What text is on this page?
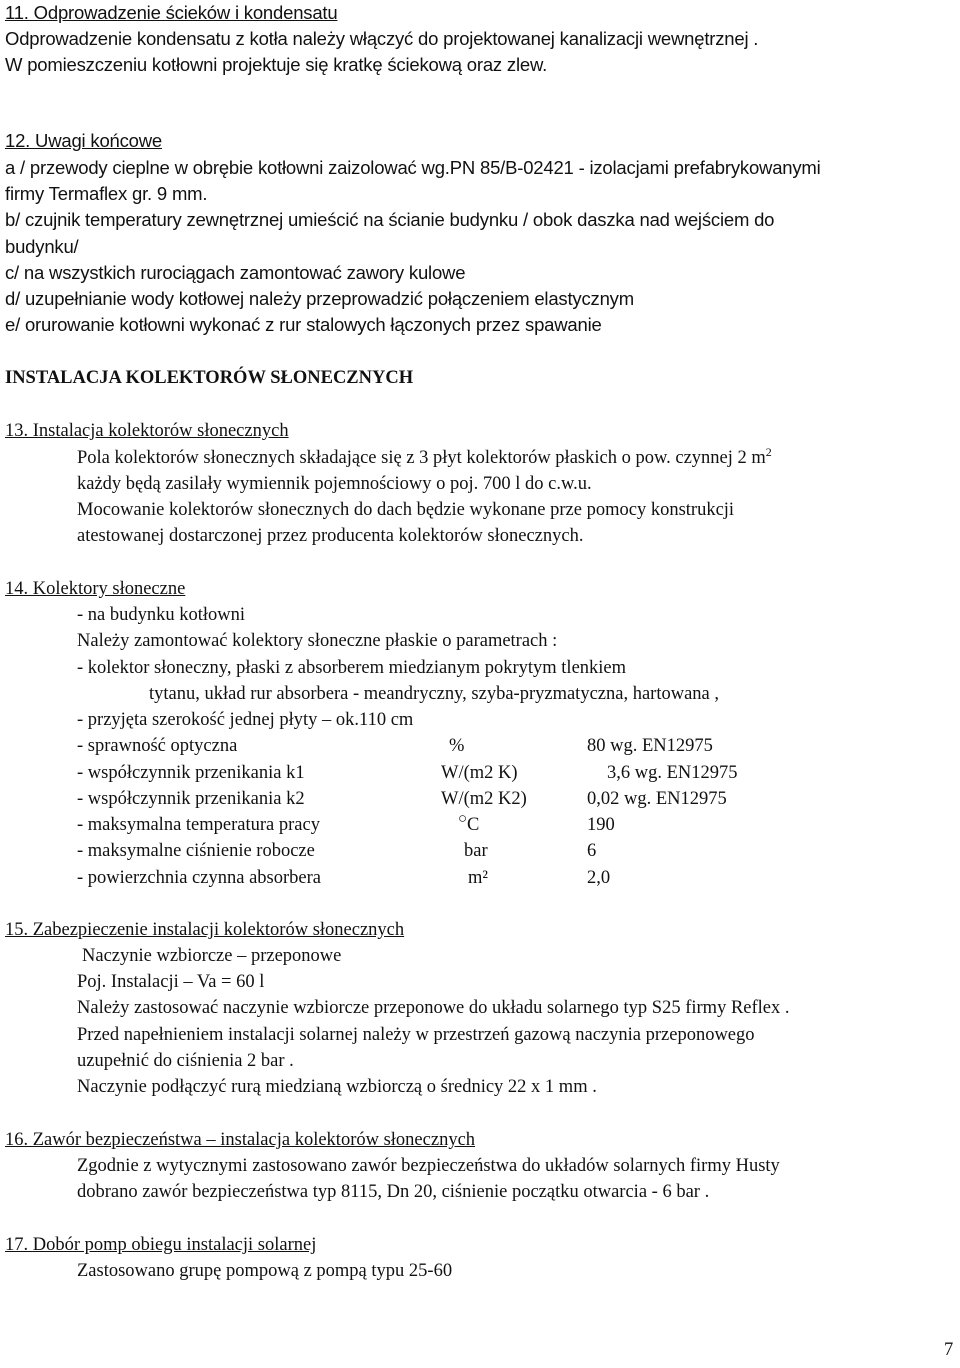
11. Odprowadzenie ścieków i kondensatu
Odprowadzenie kondensatu z kotła należy włączyć do projektowanej kanalizacji wewnętrznej .
W pomieszczeniu kotłowni projektuje się kratkę ściekową oraz zlew.
12. Uwagi końcowe
a / przewody cieplne w obrębie kotłowni zaizolować wg.PN 85/B-02421 - izolacjami prefabrykowanymi
firmy Termaflex gr. 9 mm.
b/ czujnik temperatury zewnętrznej umieścić na ścianie budynku / obok daszka nad wejściem do
budynku/
c/ na wszystkich rurociągach zamontować zawory kulowe
d/ uzupełnianie wody kotłowej należy przeprowadzić połączeniem elastycznym
e/ orurowanie kotłowni wykonać z rur stalowych łączonych przez spawanie
INSTALACJA KOLEKTORÓW SŁONECZNYCH
13. Instalacja kolektorów słonecznych
Pola kolektorów słonecznych składające się z 3 płyt kolektorów płaskich o pow. czynnej 2 $m^2$
każdy będą zasilały wymiennik pojemnościowy o poj. 700 l do c.w.u.
Mocowanie kolektorów słonecznych do dach będzie wykonane prze pomocy konstrukcji
atestowanej dostarczonej przez producenta kolektorów słonecznych.
14. Kolektory słoneczne
- na budynku kotłowni
Należy zamontować kolektory słoneczne płaskie o parametrach :
- kolektor słoneczny, płaski z absorberem miedzianym pokrytym tlenkiem
tytanu, układ rur absorbera - meandryczny, szyba-pryzmatyczna, hartowana ,
- przyjęta szerokość jednej płyty – ok.110 cm
- sprawność optyczna	%	80 wg. EN12975
- współczynnik przenikania k1	W/(m2 K)	3,6 wg. EN12975
- współczynnik przenikania k2	W/(m2 K2)	0,02 wg. EN12975
- maksymalna temperatura pracy	○ C	190
- maksymalne ciśnienie robocze	bar	6
- powierzchnia czynna absorbera	m²	2,0
15. Zabezpieczenie instalacji kolektorów słonecznych
Naczynie wzbiorcze – przeponowe
Poj. Instalacji – Va = 60 l
Należy zastosować naczynie wzbiorcze przeponowe do układu solarnego typ S25 firmy Reflex .
Przed napełnieniem instalacji solarnej należy w przestrzeń gazową naczynia przeponowego
uzupełnić do ciśnienia 2 bar .
Naczynie podłączyć rurą miedzianą wzbiorczą o średnicy 22 x 1 mm .
16. Zawór bezpieczeństwa – instalacja kolektorów słonecznych
Zgodnie z wytycznymi zastosowano zawór bezpieczeństwa do układów solarnych firmy Husty
dobrano zawór bezpieczeństwa typ 8115, Dn 20, ciśnienie początku otwarcia - 6 bar .
17. Dobór pomp obiegu instalacji solarnej
Zastosowano grupę pompową z pompą typu 25-60
7
